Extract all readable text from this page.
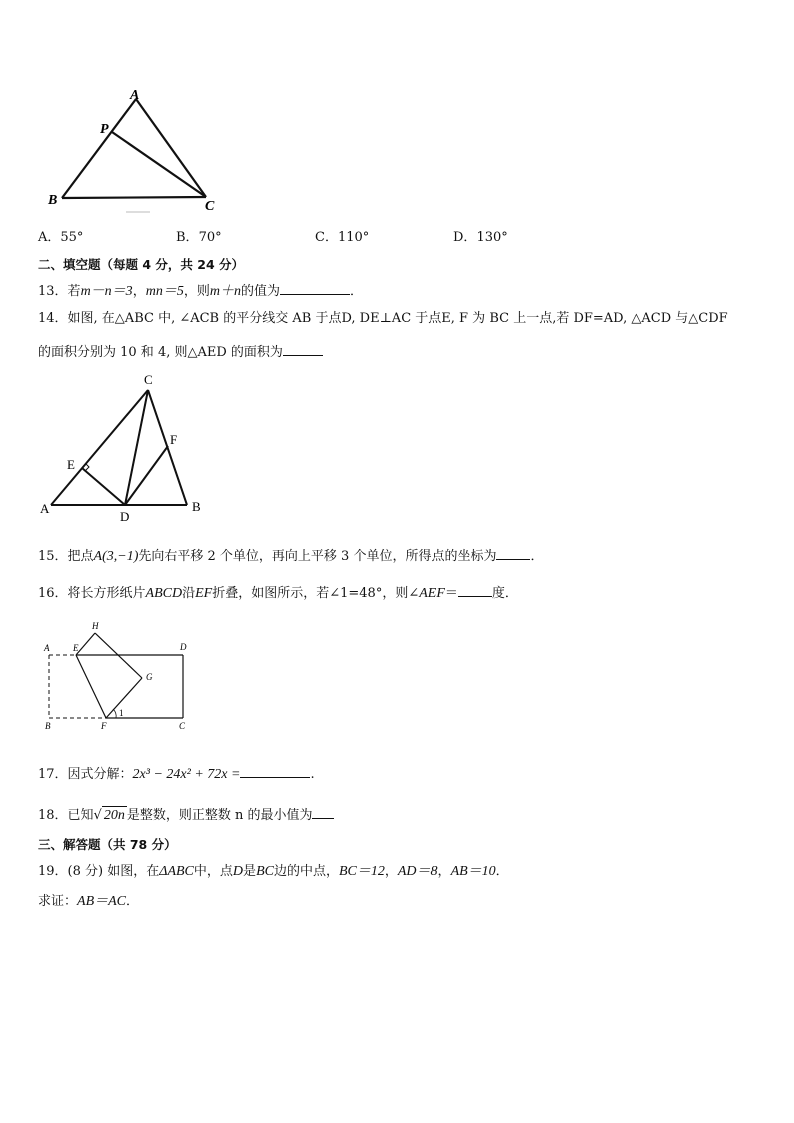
A
P
B	C
A．55°	B．70°	C．110°	D．130°
二、填空题（每题 4 分，共 24 分）
13．若m－n＝3，mn＝5，则m＋n的值为	．
14．如图, 在△ABC 中, ∠ACB 的平分线交 AB 于点D, DE⊥AC 于点E, F 为 BC 上一点,若 DF=AD, △ACD 与△CDF
的面积分别为 10 和 4, 则△AED 的面积为
A	B
C
D
E
F
15．把点A(3,−1)先向右平移 2 个单位，再向上平移 3 个单位，所得点的坐标为	．
16．将长方形纸片ABCD沿EF折叠，如图所示，若∠1=48°，则∠AEF＝	度．
A
B	C
D
E
F
G
H
1
17．因式分解：2x³ − 24x² + 72x =	.
18．已知√ 20n 是整数，则正整数 n 的最小值为
三、解答题（共 78 分）
19．(8 分) 如图，在ΔABC中，点D是BC边的中点，BC＝12，AD＝8，AB＝10．
求证：AB＝AC．
